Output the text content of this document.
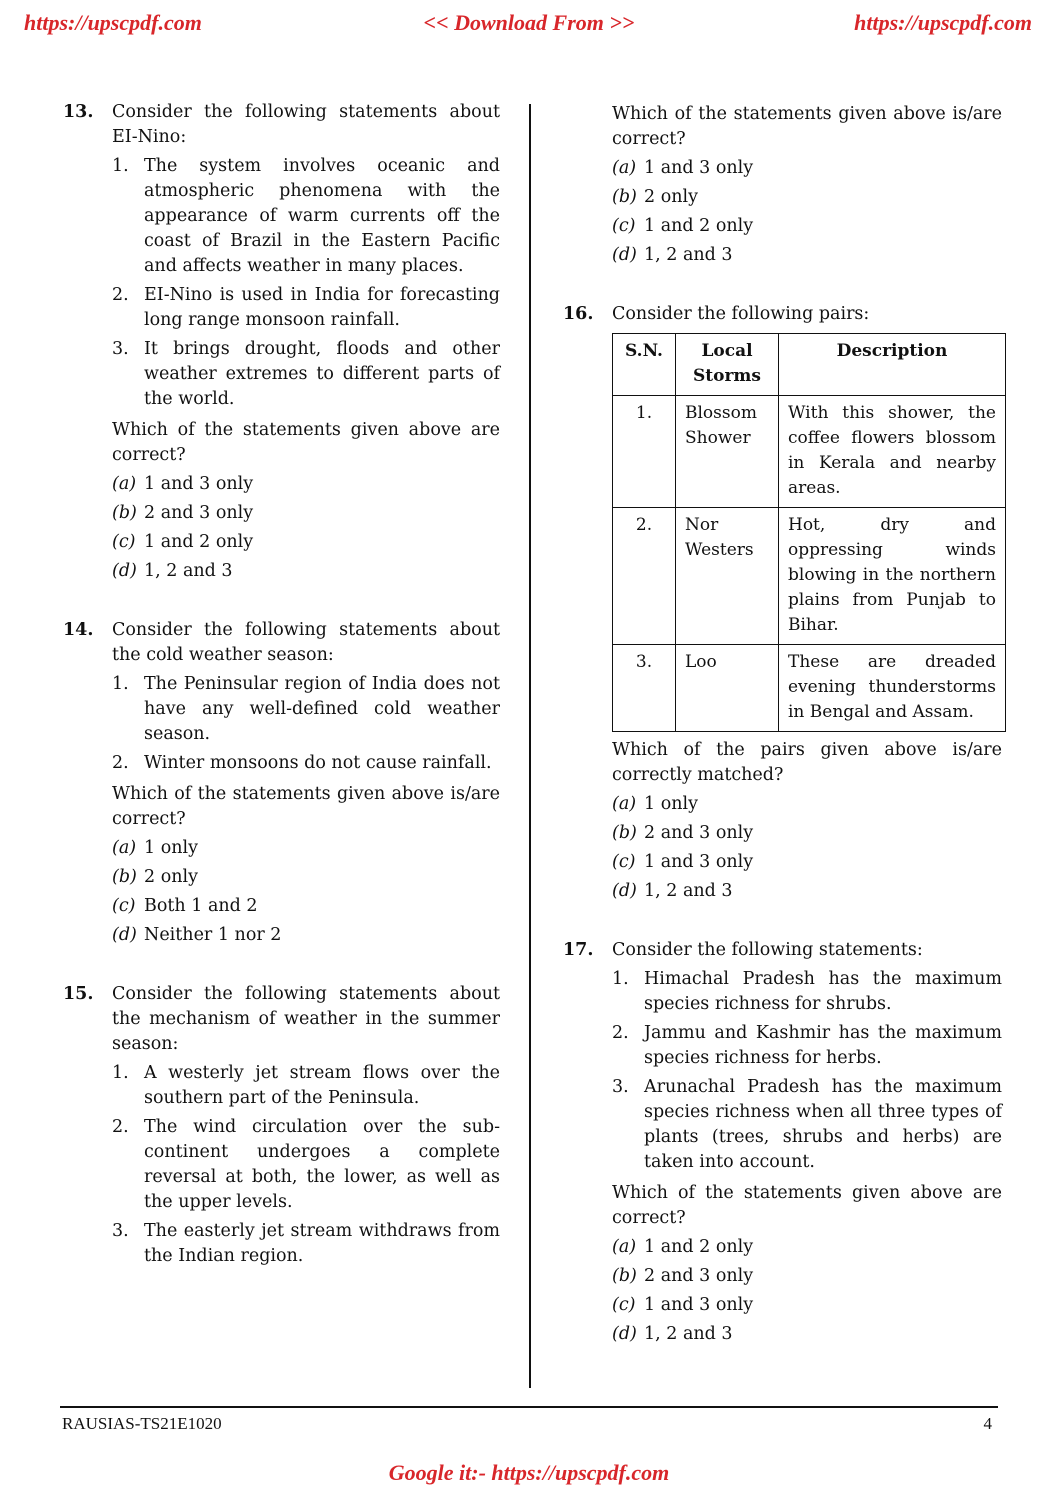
https://upscpdf.com	<< Download From >>	https://upscpdf.com
13. Consider the following statements about EI-Nino:

1. The system involves oceanic and atmospheric phenomena with the appearance of warm currents off the coast of Brazil in the Eastern Pacific and affects weather in many places.
2. EI-Nino is used in India for forecasting long range monsoon rainfall.
3. It brings drought, floods and other weather extremes to different parts of the world.
Which of the statements given above are correct?
(a) 1 and 3 only
(b) 2 and 3 only
(c) 1 and 2 only
(d) 1, 2 and 3
14. Consider the following statements about the cold weather season:

1. The Peninsular region of India does not have any well-defined cold weather season.
2. Winter monsoons do not cause rainfall.
Which of the statements given above is/are correct?
(a) 1 only
(b) 2 only
(c) Both 1 and 2
(d) Neither 1 nor 2
15. Consider the following statements about the mechanism of weather in the summer season:

1. A westerly jet stream flows over the southern part of the Peninsula.
2. The wind circulation over the sub-continent undergoes a complete reversal at both, the lower, as well as the upper levels.
3. The easterly jet stream withdraws from the Indian region.
Which of the statements given above is/are correct?
(a) 1 and 3 only
(b) 2 only
(c) 1 and 2 only
(d) 1, 2 and 3
16. Consider the following pairs:

S.N.	Local Storms	Description
1.	Blossom Shower	With this shower, the coffee flowers blossom in Kerala and nearby areas.
2.	Nor Westers	Hot, dry and oppressing winds blowing in the northern plains from Punjab to Bihar.
3.	Loo	These are dreaded evening thunderstorms in Bengal and Assam.
Which of the pairs given above is/are correctly matched?
(a) 1 only
(b) 2 and 3 only
(c) 1 and 3 only
(d) 1, 2 and 3
17. Consider the following statements:

1. Himachal Pradesh has the maximum species richness for shrubs.
2. Jammu and Kashmir has the maximum species richness for herbs.
3. Arunachal Pradesh has the maximum species richness when all three types of plants (trees, shrubs and herbs) are taken into account.
Which of the statements given above are correct?
(a) 1 and 2 only
(b) 2 and 3 only
(c) 1 and 3 only
(d) 1, 2 and 3
RAUSIAS-TS21E1020	4
Google it:- https://upscpdf.com
